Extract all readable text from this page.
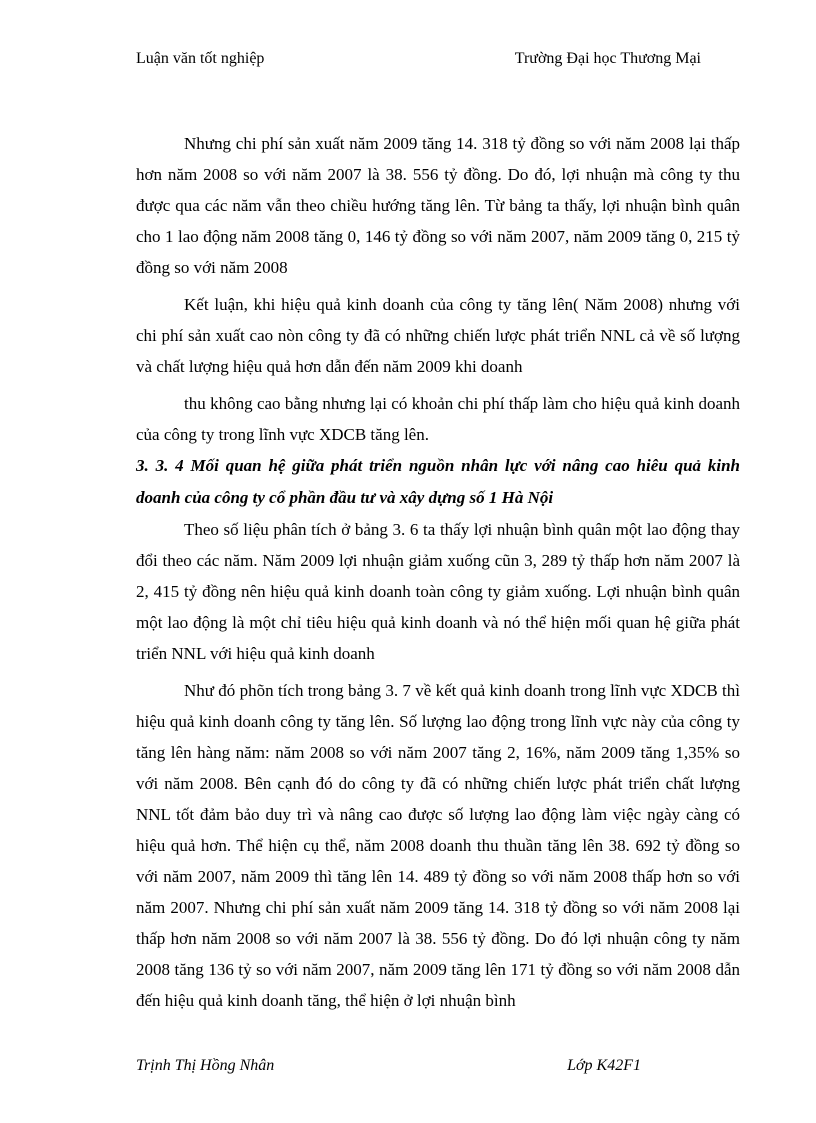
Luận văn tốt nghiệp	Trường Đại học Thương Mại

Nhưng chi phí sản xuất năm 2009 tăng 14. 318 tỷ đồng so với năm 2008 lại thấp hơn năm 2008 so với năm 2007 là 38. 556 tỷ đồng. Do đó, lợi nhuận mà công ty thu được qua các năm vẫn theo chiều hướng tăng lên. Từ bảng ta thấy, lợi nhuận bình quân cho 1 lao động năm 2008 tăng 0, 146 tỷ đồng so với năm 2007, năm 2009 tăng 0, 215 tỷ đồng so với năm 2008

Kết luận, khi hiệu quả kinh doanh của công ty tăng lên( Năm 2008) nhưng với chi phí sản xuất cao nòn công ty đã có những chiến lược phát triển NNL cả về số lượng và chất lượng hiệu quả hơn dẫn đến năm 2009 khi doanh

thu không cao bằng nhưng lại có khoản chi phí thấp làm cho hiệu quả kinh doanh của công ty trong lĩnh vực XDCB tăng lên.

3. 3. 4 Mối quan hệ giữa phát triển nguồn nhân lực với nâng cao hiêu quả kinh doanh của công ty cổ phần đầu tư và xây dựng số 1 Hà Nội

Theo số liệu phân tích ở bảng 3. 6 ta thấy lợi nhuận bình quân một lao động thay đổi theo các năm. Năm 2009 lợi nhuận giảm xuống cũn 3, 289 tỷ thấp hơn năm 2007 là 2, 415 tỷ đồng nên hiệu quả kinh doanh toàn công ty giảm xuống. Lợi nhuận bình quân một lao động là một chỉ tiêu hiệu quả kinh doanh và nó thể hiện mối quan hệ giữa phát triển NNL với hiệu quả kinh doanh

Như đó phõn tích trong bảng 3. 7 về kết quả kinh doanh trong lĩnh vực XDCB thì hiệu quả kinh doanh công ty tăng lên. Số lượng lao động trong lĩnh vực này của công ty tăng lên hàng năm: năm 2008 so với năm 2007 tăng 2, 16%, năm 2009 tăng 1,35% so với năm 2008. Bên cạnh đó do công ty đã có những chiến lược phát triển chất lượng NNL tốt đảm bảo duy trì và nâng cao được số lượng lao động làm việc ngày càng có hiệu quả hơn. Thể hiện cụ thể, năm 2008 doanh thu thuần tăng lên 38. 692 tỷ đồng so với năm 2007, năm 2009 thì tăng lên 14. 489 tỷ đồng so với năm 2008 thấp hơn so với năm 2007. Nhưng chi phí sản xuất năm 2009 tăng 14. 318 tỷ đồng so với năm 2008 lại thấp hơn năm 2008 so với năm 2007 là 38. 556 tỷ đồng. Do đó lợi nhuận công ty năm 2008 tăng 136 tỷ so với năm 2007, năm 2009 tăng lên 171 tỷ đồng so với năm 2008 dẫn đến hiệu quả kinh doanh tăng, thể hiện ở lợi nhuận bình

Trịnh Thị Hồng Nhân	Lớp K42F1
